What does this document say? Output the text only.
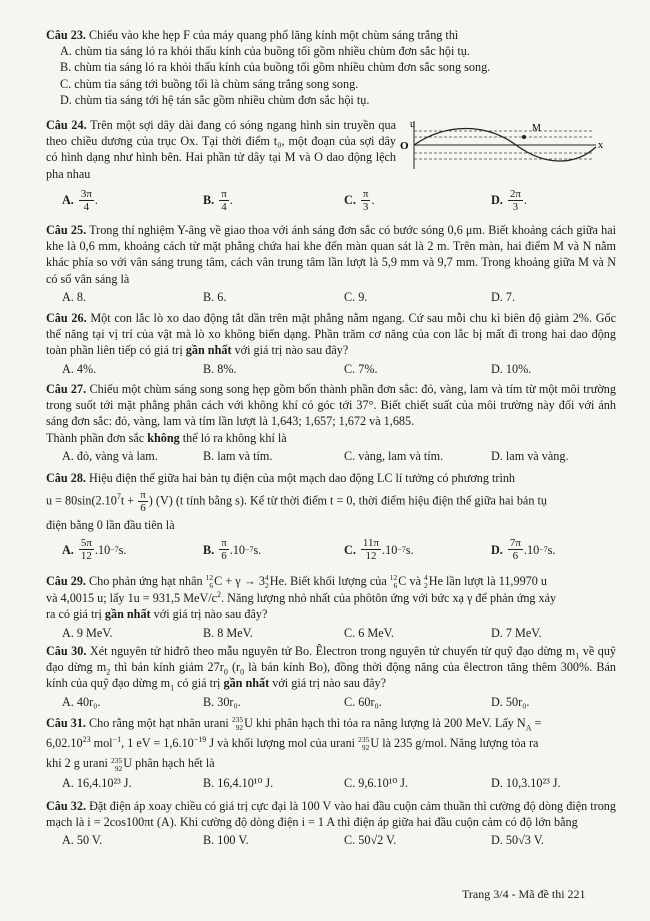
Câu 23. Chiếu vào khe hẹp F của máy quang phổ lăng kính một chùm sáng trắng thì

A. chùm tia sáng ló ra khỏi thấu kính của buồng tối gồm nhiều chùm đơn sắc hội tụ.

B. chùm tia sáng ló ra khỏi thấu kính của buồng tối gồm nhiều chùm đơn sắc song song.

C. chùm tia sáng tới buồng tối là chùm sáng trắng song song.

D. chùm tia sáng tới hệ tán sắc gồm nhiều chùm đơn sắc hội tụ.

Câu 24. Trên một sợi dây dài đang có sóng ngang hình sin truyền qua theo chiều dương của trục Ox. Tại thời điểm t₀, một đoạn của sợi dây có hình dạng như hình bên. Hai phần tử dây tại M và O dao động lệch pha nhau

u
O
M
x
A. $\frac{3\pi}{4}$ .	B. $\frac{\pi}{4}$ .	C. $\frac{\pi}{3}$ .	D. $\frac{2\pi}{3}$ .

Câu 25. Trong thí nghiệm Y-âng về giao thoa với ánh sáng đơn sắc có bước sóng 0,6 μm. Biết khoảng cách giữa hai khe là 0,6 mm, khoảng cách từ mặt phẳng chứa hai khe đến màn quan sát là 2 m. Trên màn, hai điểm M và N nằm khác phía so với vân sáng trung tâm, cách vân trung tâm lần lượt là 5,9 mm và 9,7 mm. Trong khoảng giữa M và N có số vân sáng là

A. 8.	B. 6.	C. 9.	D. 7.

Câu 26. Một con lắc lò xo dao động tắt dần trên mặt phẳng nằm ngang. Cứ sau mỗi chu kì biên độ giảm 2%. Gốc thế năng tại vị trí của vật mà lò xo không biến dạng. Phần trăm cơ năng của con lắc bị mất đi trong hai dao động toàn phần liên tiếp có giá trị gần nhất với giá trị nào sau đây?

A. 4%.	B. 8%.	C. 7%.	D. 10%.

Câu 27. Chiếu một chùm sáng song song hẹp gồm bốn thành phần đơn sắc: đỏ, vàng, lam và tím từ một môi trường trong suốt tới mặt phẳng phân cách với không khí có góc tới 37°. Biết chiết suất của môi trường này đối với ánh sáng đơn sắc: đỏ, vàng, lam và tím lần lượt là 1,643; 1,657; 1,672 và 1,685.

Thành phần đơn sắc không thể ló ra không khí là

A. đỏ, vàng và lam.	B. lam và tím.	C. vàng, lam và tím.	D. lam và vàng.

Câu 28. Hiệu điện thế giữa hai bản tụ điện của một mạch dao động LC lí tưởng có phương trình

$u = 80\sin(2.10^7t + \frac{\pi}{6}$ ) (V) (t tính bằng s). Kể từ thời điểm t = 0, thời điểm hiệu điện thế giữa hai bản tụ

điện bằng 0 lần đầu tiên là

A. $\frac{5\pi}{12} .10 -7$ s.	B. $\frac{\pi}{6} .10 -7$ s.	C. $\frac{11\pi}{12} .10 -7$ s.	D. $\frac{7\pi}{6} .10 -7$ s.

Câu 29. Cho phản ứng hạt nhân 12
6 C + γ → 3 4
2 He. Biết khối lượng của 12
6 C và 4
2 He lần lượt là 11,9970 u

và 4,0015 u; lấy 1u = 931,5 MeV/$c^2$. Năng lượng nhỏ nhất của phôtôn ứng với bức xạ γ để phản ứng xảy

ra có giá trị gần nhất với giá trị nào sau đây?

A. 9 MeV.	B. 8 MeV.	C. 6 MeV.	D. 7 MeV.

Câu 30. Xét nguyên tử hiđrô theo mẫu nguyên tử Bo. Êlectron trong nguyên tử chuyển từ quỹ đạo dừng $m_1$ về quỹ đạo dừng $m_2$ thì bán kính giảm $27r_0$ ($r_0$ là bán kính Bo), đồng thời động năng của êlectron tăng thêm 300%. Bán kính của quỹ đạo dừng $m_1$ có giá trị gần nhất với giá trị nào sau đây?

A. 40r₀.	B. 30r₀.	C. 60r₀.	D. 50r₀.

Câu 31. Cho rằng một hạt nhân urani 235
92 U khi phân hạch thì tỏa ra năng lượng là 200 MeV. Lấy $N_A$ =

6,02.10$^{23}$ mol$^{-1}$, 1 eV = $1,6.10^{-19}$ J và khối lượng mol của urani 235
92 U là 235 g/mol. Năng lượng tỏa ra

khi 2 g urani 235
92 U phân hạch hết là

A. 16,4.10²³ J.	B. 16,4.10¹⁰ J.	C. 9,6.10¹⁰ J.	D. 10,3.10²³ J.

Câu 32. Đặt điện áp xoay chiều có giá trị cực đại là 100 V vào hai đầu cuộn cảm thuần thì cường độ dòng điện trong mạch là i = 2cos100πt (A). Khi cường độ dòng điện i = 1 A thì điện áp giữa hai đầu cuộn cảm có độ lớn bằng

A. 50 V.	B. 100 V.	C. 50√2 V.	D. 50√3 V.
Trang 3/4 - Mã đề thi 221
